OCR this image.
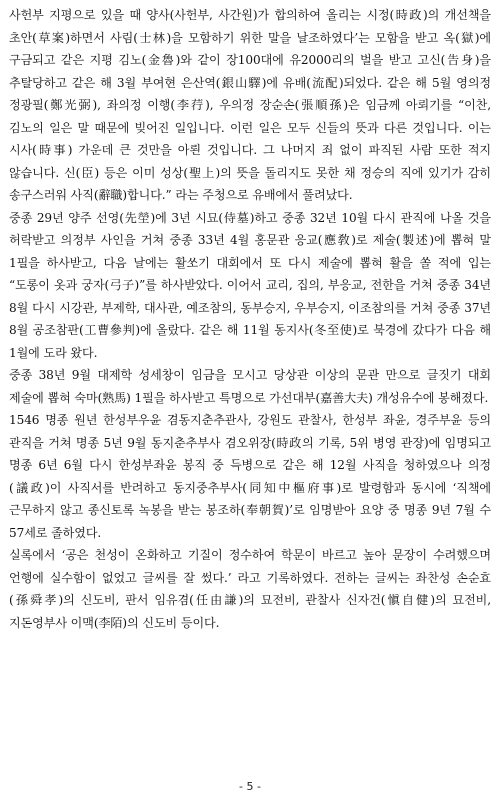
사헌부 지평으로 있을 때 양사(사헌부, 사간원)가 합의하여 올리는 시정(時政)의 개선책을 초안(草案)하면서 사림(士林)을 모함하기 위한 말을 날조하였다’는 모함을 받고 옥(獄)에 구금되고 같은 지평 김노(金魯)와 같이 장100대에 유2000리의 벌을 받고 고신(告身)을 추탈당하고 같은 해 3월 부여현 은산역(銀山驛)에 유배(流配)되었다. 같은 해 5월 영의정 정광필(鄭光弼), 좌의정 이행(李荇), 우의정 장순손(張順孫)은 임금께 아뢰기를 “이찬, 김노의 일은 말 때문에 빚어진 일입니다. 이런 일은 모두 신들의 뜻과 다른 것입니다. 이는 시사(時事) 가운데 큰 것만을 아뢴 것입니다. 그 나머지 죄 없이 파직된 사람 또한 적지 않습니다. 신(臣) 등은 이미 성상(聖上)의 뜻을 돌리지도 못한 채 정승의 직에 있기가 감히 송구스러워 사직(辭職)합니다.” 라는 주청으로 유배에서 풀려났다.

중종 29년 양주 선영(先塋)에 3년 시묘(侍墓)하고 중종 32년 10월 다시 관직에 나올 것을 허락받고 의정부 사인을 거쳐 중종 33년 4월 홍문관 응교(應敎)로 제술(製述)에 뽑혀 말 1필을 하사받고, 다음 날에는 활쏘기 대회에서 또 다시 제술에 뽑혀 활을 쏠 적에 입는 “도롱이 옷과 궁자(弓子)”를 하사받았다. 이어서 교리, 집의, 부응교, 전한을 거쳐 중종 34년 8월 다시 시강관, 부제학, 대사관, 예조참의, 동부승지, 우부승지, 이조참의를 거쳐 중종 37년 8월 공조참판(工曹參判)에 올랐다. 같은 해 11월 동지사(冬至使)로 북경에 갔다가 다음 해 1월에 도라 왔다.

중종 38년 9월 대제학 성세창이 임금을 모시고 당상관 이상의 문관 만으로 글짓기 대회 제술에 뽑혀 숙마(熟馬) 1필을 하사받고 특명으로 가선대부(嘉善大夫) 개성유수에 봉해졌다.

1546 명종 원년 한성부우윤 겸동지춘추관사, 강원도 관찰사, 한성부 좌윤, 경주부윤 등의 관직을 거쳐 명종 5년 9월 동지춘추부사 겸오위장(時政의 기록, 5위 병영 관장)에 임명되고 명종 6년 6월 다시 한성부좌윤 봉직 중 득병으로 같은 해 12월 사직을 청하였으나 의정(議政)이 사직서를 반려하고 동지중추부사(同知中樞府事)로 발령함과 동시에 ‘직책에 근무하지 않고 종신토록 녹봉을 받는 봉조하(奉朝賀)’로 임명받아 요양 중 명종 9년 7월 수 57세로 졸하였다.

실록에서 ‘공은 천성이 온화하고 기질이 정수하여 학문이 바르고 높아 문장이 수려했으며 언행에 실수함이 없었고 글씨를 잘 썼다.’ 라고 기록하였다. 전하는 글씨는 좌찬성 손순효(孫舜孝)의 신도비, 판서 임유겸(任由謙)의 묘전비, 관찰사 신자건(愼自健)의 묘전비, 지돈영부사 이맥(李陌)의 신도비 등이다.

- 5 -
